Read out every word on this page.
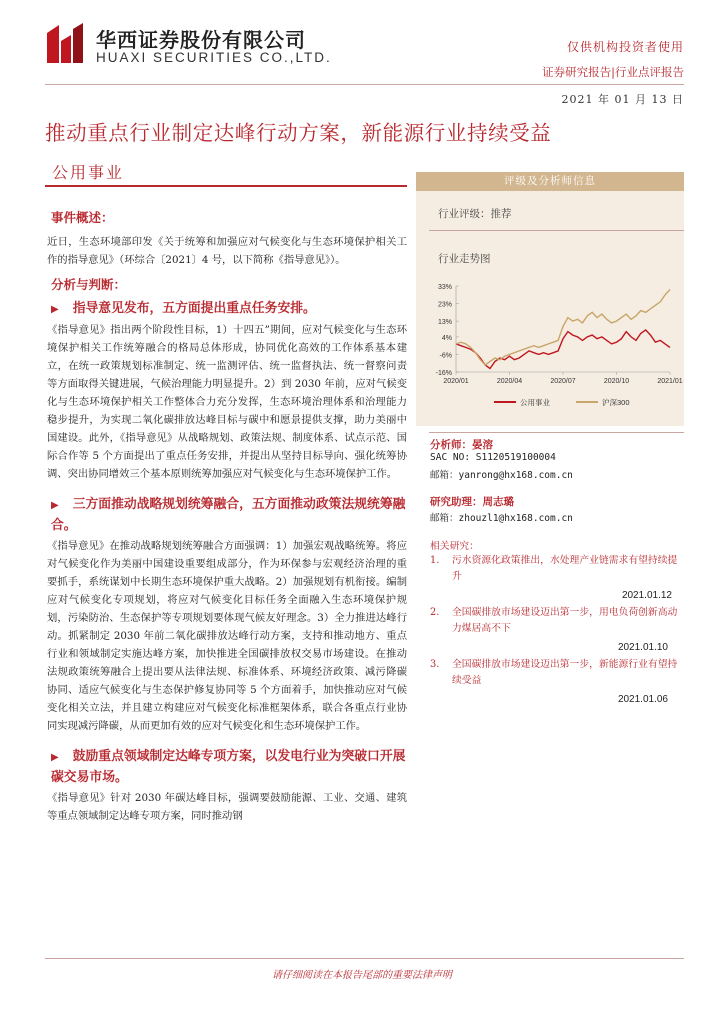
华西证券股份有限公司
HUAXI SECURITIES CO.,LTD.
仅供机构投资者使用
证券研究报告|行业点评报告
2021 年 01 月 13 日
推动重点行业制定达峰行动方案，新能源行业持续受益
公用事业
事件概述：
近日，生态环境部印发《关于统筹和加强应对气候变化与生态环境保护相关工作的指导意见》（环综合〔2021〕4 号，以下简称《指导意见》）。
分析与判断：
▶ 指导意见发布，五方面提出重点任务安排。
《指导意见》指出两个阶段性目标，1）十四五”期间，应对气候变化与生态环境保护相关工作统筹融合的格局总体形成，协同优化高效的工作体系基本建立，在统一政策规划标准制定、统一监测评估、统一监督执法、统一督察问责等方面取得关键进展，气候治理能力明显提升。2）到 2030 年前，应对气候变化与生态环境保护相关工作整体合力充分发挥，生态环境治理体系和治理能力稳步提升，为实现二氧化碳排放达峰目标与碳中和愿景提供支撑，助力美丽中国建设。此外，《指导意见》从战略规划、政策法规、制度体系、试点示范、国际合作等 5 个方面提出了重点任务安排，并提出从坚持目标导向、强化统筹协调、突出协同增效三个基本原则统筹加强应对气候变化与生态环境保护工作。
▶ 三方面推动战略规划统筹融合，五方面推动政策法规统筹融合。
《指导意见》在推动战略规划统筹融合方面强调：1）加强宏观战略统筹。将应对气候变化作为美丽中国建设重要组成部分，作为环保参与宏观经济治理的重要抓手，系统谋划中长期生态环境保护重大战略。2）加强规划有机衔接。编制应对气候变化专项规划，将应对气候变化目标任务全面融入生态环境保护规划，污染防治、生态保护等专项规划要体现气候友好理念。3）全力推进达峰行动。抓紧制定 2030 年前二氧化碳排放达峰行动方案，支持和推动地方、重点行业和领域制定实施达峰方案，加快推进全国碳排放权交易市场建设。在推动法规政策统筹融合上提出要从法律法规、标准体系、环境经济政策、减污降碳协同、适应气候变化与生态保护修复协同等 5 个方面着手，加快推动应对气候变化相关立法，并且建立构建应对气候变化标准框架体系，联合各重点行业协同实现减污降碳，从而更加有效的应对气候变化和生态环境保护工作。
▶ 鼓励重点领域制定达峰专项方案，以发电行业为突破口开展碳交易市场。
《指导意见》针对 2030 年碳达峰目标，强调要鼓励能源、工业、交通、建筑等重点领域制定达峰专项方案，同时推动钢
评级及分析师信息
行业评级：推荐
行业走势图
33%
23%
13%
4%
-6%
-16%
2020/01	2020/04	2020/07	2020/10	2021/01
公用事业	沪深300
分析师：晏溶
SAC NO: S1120519100004
邮箱：yanrong@hx168.com.cn
研究助理：周志璐
邮箱：zhouzl1@hx168.com.cn
相关研究：
1.	污水资源化政策推出，水处理产业链需求有望持续提升
2021.01.12
2.	全国碳排放市场建设迈出第一步，用电负荷创新高动力煤居高不下
2021.01.10
3.	全国碳排放市场建设迈出第一步，新能源行业有望持续受益
2021.01.06
请仔细阅读在本报告尾部的重要法律声明
